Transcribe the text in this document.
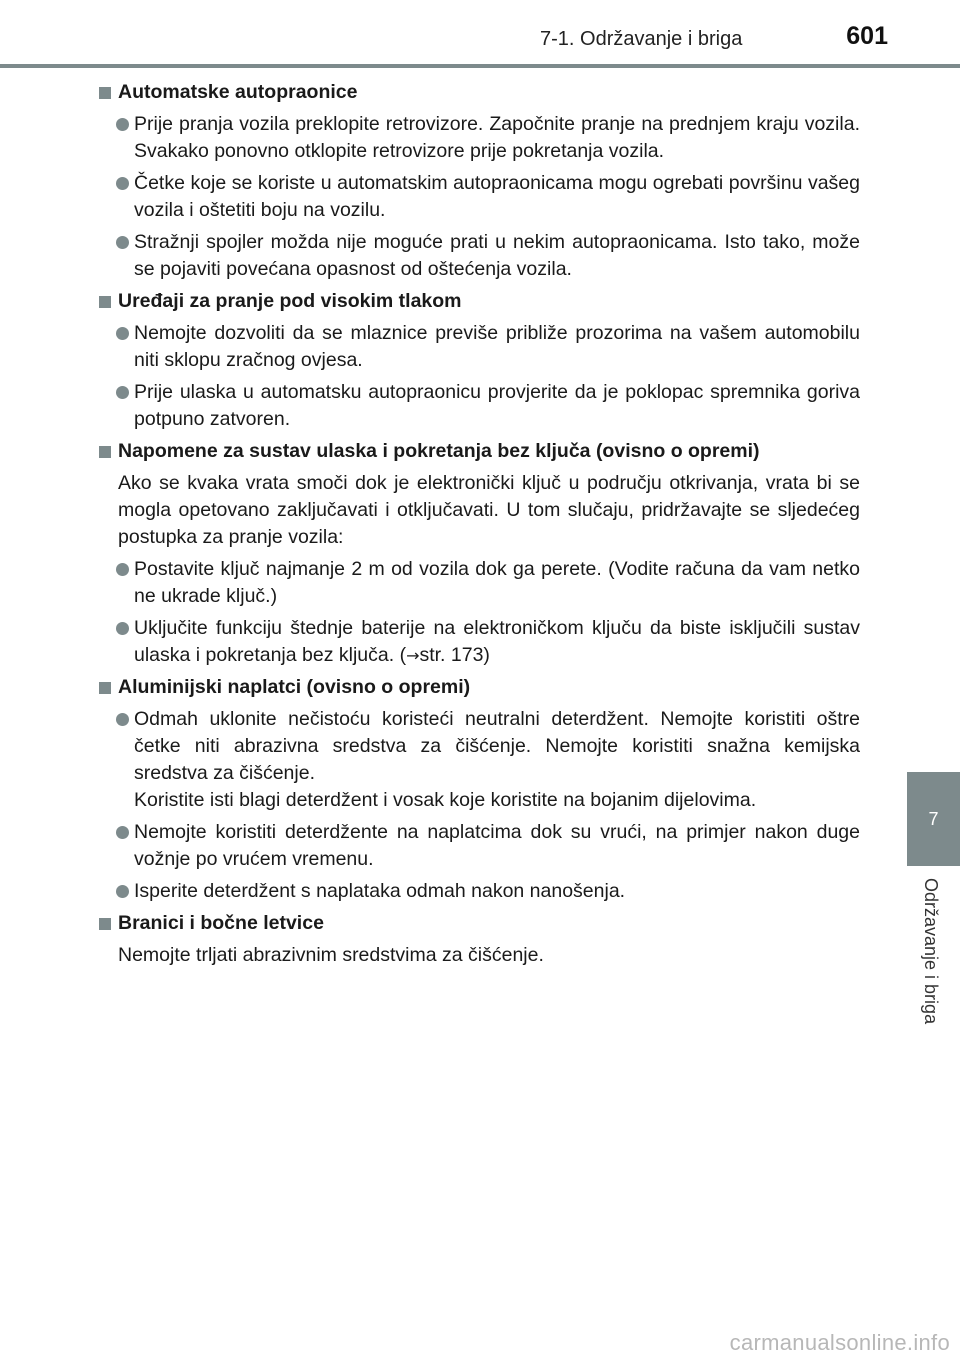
7-1. Održavanje i briga	601
7
Održavanje i briga
Automatske autopraonice
Prije pranja vozila preklopite retrovizore. Započnite pranje na prednjem kraju vozila. Svakako ponovno otklopite retrovizore prije pokretanja vozila.
Četke koje se koriste u automatskim autopraonicama mogu ogrebati površinu vašeg vozila i oštetiti boju na vozilu.
Stražnji spojler možda nije moguće prati u nekim autopraonicama. Isto tako, može se pojaviti povećana opasnost od oštećenja vozila.
Uređaji za pranje pod visokim tlakom
Nemojte dozvoliti da se mlaznice previše približe prozorima na vašem automobilu niti sklopu zračnog ovjesa.
Prije ulaska u automatsku autopraonicu provjerite da je poklopac spremnika goriva potpuno zatvoren.
Napomene za sustav ulaska i pokretanja bez ključa (ovisno o opremi)
Ako se kvaka vrata smoči dok je elektronički ključ u području otkrivanja, vrata bi se mogla opetovano zaključavati i otključavati. U tom slučaju, pridržavajte se sljedećeg postupka za pranje vozila:
Postavite ključ najmanje 2 m od vozila dok ga perete. (Vodite računa da vam netko ne ukrade ključ.)
Uključite funkciju štednje baterije na elektroničkom ključu da biste isključili sustav ulaska i pokretanja bez ključa. (→str. 173)
Aluminijski naplatci (ovisno o opremi)
Odmah uklonite nečistoću koristeći neutralni deterdžent. Nemojte koristiti oštre četke niti abrazivna sredstva za čišćenje. Nemojte koristiti snažna kemijska sredstva za čišćenje.
Koristite isti blagi deterdžent i vosak koje koristite na bojanim dijelovima.
Nemojte koristiti deterdžente na naplatcima dok su vrući, na primjer nakon duge vožnje po vrućem vremenu.
Isperite deterdžent s naplataka odmah nakon nanošenja.
Branici i bočne letvice
Nemojte trljati abrazivnim sredstvima za čišćenje.
carmanualsonline.info
